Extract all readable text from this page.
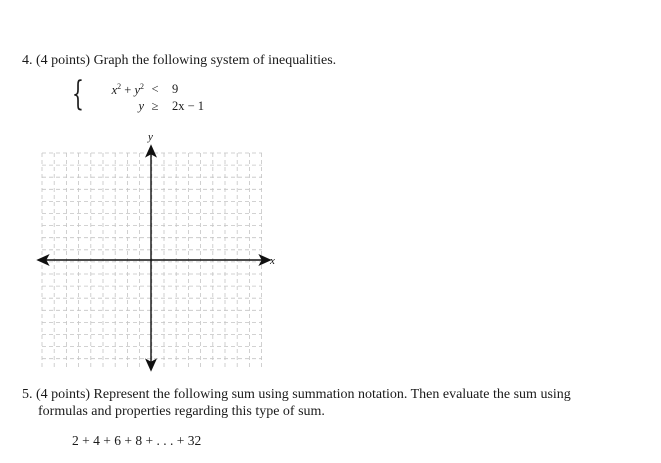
4. (4 points) Graph the following system of inequalities.
{ $x^2 + y^2 < 9$
y ≥ 2x − 1
x
y
5. (4 points) Represent the following sum using summation notation. Then evaluate the sum using
formulas and properties regarding this type of sum.
2 + 4 + 6 + 8 + . . . + 32
